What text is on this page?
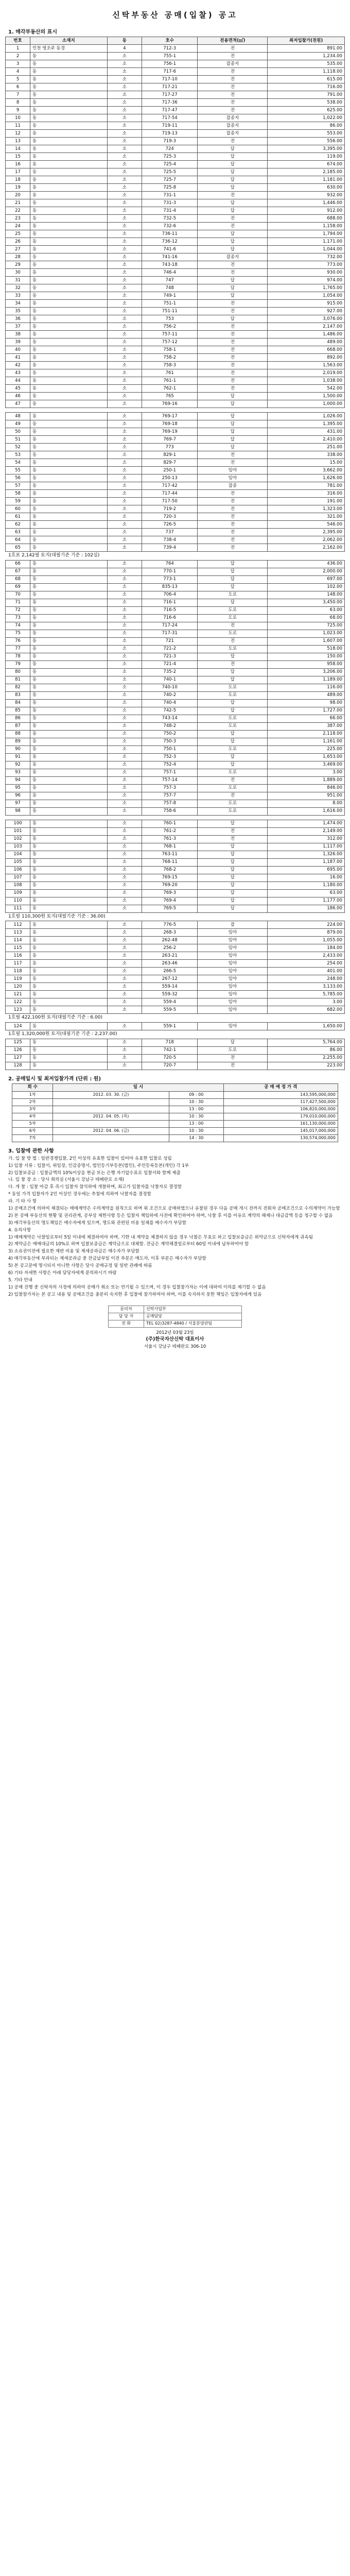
신탁부동산 공매(입찰) 공고
1. 매각부동산의 표시
번호	소재지	동	호수	전용면적(㎡)	최저입찰가(천원)
1	인천 영조주 동경	4	712-3	전	891.00
2	동	소	755-1	전	1,234.00
3	동	소	756-1	잡종지	535.00
4	동	소	717-6	전	1,118.00
5	동	소	717-10	전	615.00
6	동	소	717-21	전	716.00
7	동	소	717-27	전	791.00
8	동	소	717-36	전	538.00
9	동	소	717-47	전	625.00
10	동	소	717-54	잡종지	1,022.00
11	동	소	719-11	잡종지	86.00
12	동	소	719-13	잡종지	553.00
13	동	소	719-3	전	556.00
14	동	소	724	답	3,395.00
15	동	소	725-3	답	119.00
16	동	소	725-4	답	674.00
17	동	소	725-5	답	2,185.00
18	동	소	725-7	답	1,181.00
19	동	소	725-8	답	630.00
20	동	소	731-1	전	932.00
21	동	소	731-3	답	1,446.00
22	동	소	731-4	답	912.00
23	동	소	732-5	전	688.00
24	동	소	732-6	전	1,158.00
25	동	소	736-11	답	1,794.00
26	동	소	736-12	답	1,171.00
27	동	소	741-6	답	1,044.00
28	동	소	741-16	잡종지	732.00
29	동	소	743-18	전	773.00
30	동	소	746-4	전	930.00
31	동	소	747	답	974.00
32	동	소	748	답	1,765.00
33	동	소	749-1	답	1,054.00
34	동	소	751-1	전	915.00
35	동	소	751-11	전	927.00
36	동	소	753	답	3,076.00
37	동	소	756-2	전	2,147.00
38	동	소	757-11	전	1,486.00
39	동	소	757-12	전	489.00
40	동	소	758-1	전	668.00
41	동	소	758-2	전	892.00
42	동	소	758-3	전	1,563.00
43	동	소	761	전	2,019.00
44	동	소	761-1	전	1,038.00
45	동	소	762-1	전	542.00
46	동	소	765	답	1,500.00
47	동	소	769-16	답	1,000.00
48	동	소	769-17	답	1,026.00
49	동	소	769-18	답	1,395.00
50	동	소	769-19	답	431.00
51	동	소	769-7	답	2,410.00
52	동	소	773	답	251.00
53	동	소	829-1	전	338.00
54	동	소	829-7	전	15.00
55	동	소	250-1	임야	3,662.00
56	동	소	250-13	임야	1,626.00
57	동	소	717-42	잡종	781.00
58	동	소	717-44	전	316.00
59	동	소	717-50	전	191.00
60	동	소	719-2	전	1,323.00
61	동	소	720-3	전	321.00
62	동	소	726-5	전	546.00
63	동	소	737	전	2,395.00
64	동	소	738-4	전	2,062.00
65	동	소	739-4	전	2,162.00
1호표 2,142필 토지(대필기준 기준 : 102실)
66	동	소	764	답	436.00
67	동	소	770-1	답	2,000.00
68	동	소	773-1	답	697.00
69	동	소	835-13	답	102.00
70	동	소	706-4	도로	148.00
71	동	소	716-1	답	3,450.00
72	동	소	716-5	도로	63.00
73	동	소	716-6	도로	68.00
74	동	소	717-24	전	725.00
75	동	소	717-31	도로	1,023.00
76	동	소	721	전	1,607.00
77	동	소	721-2	도로	518.00
78	동	소	721-3	답	150.00
79	동	소	721-4	전	958.00
80	동	소	735-2	답	3,206.00
81	동	소	740-1	답	1,189.00
82	동	소	740-10	도로	116.00
83	동	소	740-2	도로	489.00
84	동	소	740-4	답	98.00
85	동	소	742-5	답	1,727.00
86	동	소	743-14	도로	66.00
87	동	소	748-2	도로	387.00
88	동	소	750-2	답	2,118.00
89	동	소	750-3	답	1,161.00
90	동	소	750-1	도로	225.00
91	동	소	752-3	답	1,653.00
92	동	소	752-4	답	3,469.00
93	동	소	757-1	도로	3.00
94	동	소	757-14	전	1,889.00
95	동	소	757-3	도로	846.00
96	동	소	757-7	전	951.00
97	동	소	757-8	도로	8.00
98	동	소	758-6	도로	1,616.00
100	동	소	760-1	답	1,474.00
101	동	소	761-2	전	2,149.00
102	동	소	761-3	전	312.00
103	동	소	768-1	답	1,117.00
104	동	소	763-11	답	1,326.00
105	동	소	768-11	답	1,187.00
106	동	소	768-2	답	695.00
107	동	소	769-15	답	16.00
108	동	소	769-20	답	1,180.00
109	동	소	769-3	답	63.00
110	동	소	769-4	답	1,177.00
111	동	소	769-5	답	186.00
1호필 110,300원 토지(대필기준 기준 : 36.00)
112	동	소	776-5	잡	224.00
113	동	소	268-3	임야	879.00
114	동	소	262-48	임야	1,055.00
115	동	소	256-2	임야	184.00
116	동	소	263-21	임야	2,433.00
117	동	소	263-46	임야	254.00
118	동	소	266-5	임야	401.00
119	동	소	267-12	임야	248.00
120	동	소	559-14	임야	3,133.00
121	동	소	559-32	임야	5,785.00
122	동	소	559-4	임야	3.00
123	동	소	559-5	임야	682.00
1호필 422,100원 토지(대필기준 기준 : 6.00)
124	동	소	559-1	임야	1,650.00
1호필 1,320,000원 토지(대필기준 기준 : 2,237.00)
125	동	소	718	답	5,764.00
126	동	소	742-1	도로	86.00
127	동	소	720-5	전	2,255.00
128	동	소	720-7	전	223.00
2. 공매일시 및 최저입찰가격 (단위 : 원)
회 수	일 시		공 매 예 정 가 격
1차	2012. 03. 30. (금)	09 : 00	143,595,000,000
2차		10 : 30	117,427,500,000
3차		13 : 00	106,820,000,000
4차	2012. 04. 05. (목)	10 : 30	179,010,000,000
5차		13 : 00	161,130,000,000
6차	2012. 04. 06. (금)	10 : 30	145,017,000,000
7차		14 : 30	130,574,000,000
3. 입찰에 관한 사항

가. 입 찰 방 법 : 일반경쟁입찰, 2인 이상의 유효한 입찰이 있어야 유효한 입찰로 성립

1) 입찰 서류 : 입찰서, 위임장, 인감증명서, 법인등기부등본(법인), 주민등록등본(개인) 각 1부

2) 입찰보증금 : 입찰금액의 10%이상을 현금 또는 은행 자기앞수표로 입찰서와 함께 제출

나. 입 찰 장 소 : 당사 회의실 (서울시 강남구 테헤란로 소재)

다. 개 찰 : 입찰 마감 후 즉시 입찰자 참석하에 개찰하며, 최고가 입찰자를 낙찰자로 결정함

* 동일 가격 입찰자가 2인 이상인 경우에는 추첨에 의하여 낙찰자를 결정함

라. 기 타 사 항

1) 공매조건에 의하여 체결되는 매매계약은 수의계약을 원칙으로 하며 위 조건으로 공매하였으나 유찰된 경우 다음 공매 개시 전까지 전회차 공매조건으로 수의계약이 가능함

2) 본 공매 부동산의 현황 및 권리관계, 공부상 제한사항 등은 입찰자 책임하에 사전에 확인하여야 하며, 낙찰 후 이를 이유로 계약의 해제나 대금감액 등을 청구할 수 없음

3) 매각부동산의 명도책임은 매수자에게 있으며, 명도와 관련된 비용 일체를 매수자가 부담함

4. 유의사항

1) 매매계약은 낙찰일로부터 5일 이내에 체결하여야 하며, 기한 내 계약을 체결하지 않을 경우 낙찰은 무효로 하고 입찰보증금은 위약금으로 신탁자에게 귀속됨

2) 계약금은 매매대금의 10%로 하며 입찰보증금은 계약금으로 대체함. 잔금은 계약체결일로부터 60일 이내에 납부하여야 함

3) 소유권이전에 필요한 제반 비용 및 제세공과금은 매수자가 부담함

4) 매각부동산에 부과되는 제세공과금 중 잔금납부일 이전 부분은 매도자, 이후 부분은 매수자가 부담함

5) 본 공고문에 명시되지 아니한 사항은 당사 공매규정 및 일반 관례에 따름

6) 기타 자세한 사항은 아래 담당자에게 문의하시기 바람

5. 기타 안내

1) 공매 진행 중 신탁자의 사정에 의하여 공매가 취소 또는 연기될 수 있으며, 이 경우 입찰참가자는 이에 대하여 이의를 제기할 수 없음

2) 입찰참가자는 본 공고 내용 및 공매조건을 충분히 숙지한 후 입찰에 참가하여야 하며, 이를 숙지하지 못한 책임은 입찰자에게 있음

문의처	신탁사업부
담 당 자	공매담당
전 화	TEL 02)3287-4840 / 서울분양관팀
2012년 03월 23일
(주)한국자산신탁 대표이사
서울시 강남구 테헤란로 306-10
